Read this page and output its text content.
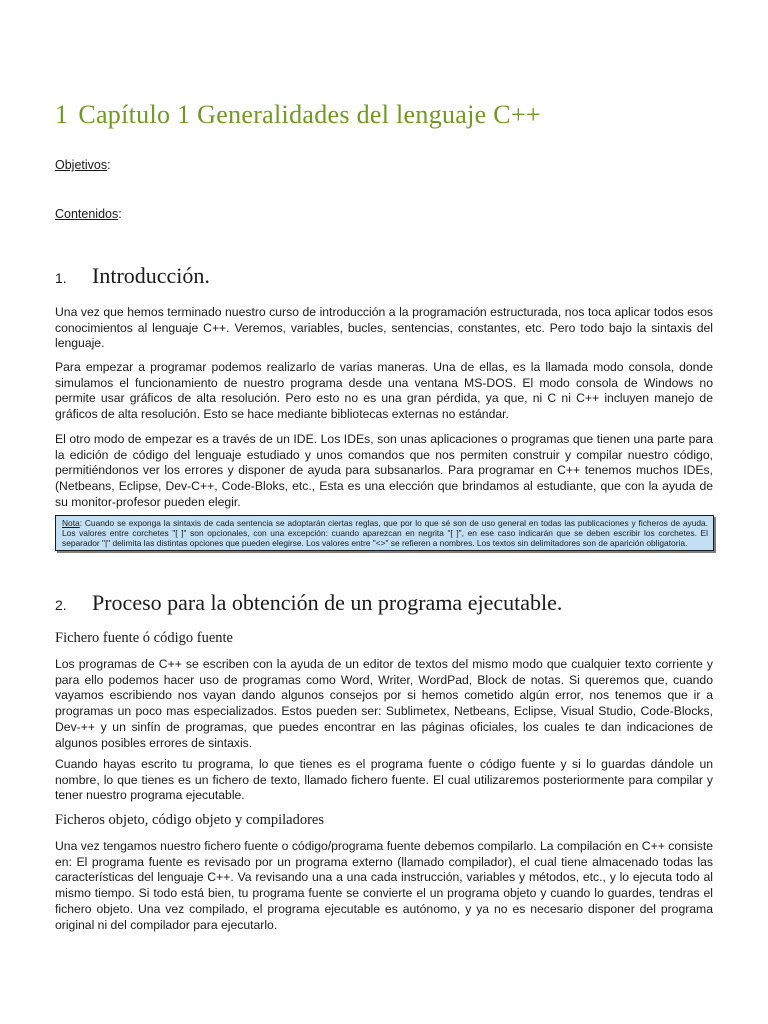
1 Capítulo 1 Generalidades del lenguaje C++

Objetivos:

Contenidos:

1. Introducción.

Una vez que hemos terminado nuestro curso de introducción a la programación estructurada, nos toca aplicar todos esos conocimientos al lenguaje C++. Veremos, variables, bucles, sentencias, constantes, etc. Pero todo bajo la sintaxis del lenguaje.

Para empezar a programar podemos realizarlo de varias maneras. Una de ellas, es la llamada modo consola, donde simulamos el funcionamiento de nuestro programa desde una ventana MS-DOS. El modo consola de Windows no permite usar gráficos de alta resolución. Pero esto no es una gran pérdida, ya que, ni C ni C++ incluyen manejo de gráficos de alta resolución. Esto se hace mediante bibliotecas externas no estándar.

El otro modo de empezar es a través de un IDE. Los IDEs, son unas aplicaciones o programas que tienen una parte para la edición de código del lenguaje estudiado y unos comandos que nos permiten construir y compilar nuestro código, permitiéndonos ver los errores y disponer de ayuda para subsanarlos. Para programar en C++ tenemos muchos IDEs, (Netbeans, Eclipse, Dev-C++, Code-Bloks, etc., Esta es una elección que brindamos al estudiante, que con la ayuda de su monitor-profesor pueden elegir.

Nota: Cuando se exponga la sintaxis de cada sentencia se adoptarán ciertas reglas, que por lo que sé son de uso general en todas las publicaciones y ficheros de ayuda. Los valores entre corchetes "[ ]" son opcionales, con una excepción: cuando aparezcan en negrita "[ ]", en ese caso indicarán que se deben escribir los corchetes. El separador "|" delimita las distintas opciones que pueden elegirse. Los valores entre "<>" se refieren a nombres. Los textos sin delimitadores son de aparición obligatoria.
2. Proceso para la obtención de un programa ejecutable.
Fichero fuente ó código fuente

Los programas de C++ se escriben con la ayuda de un editor de textos del mismo modo que cualquier texto corriente y para ello podemos hacer uso de programas como Word, Writer, WordPad, Block de notas. Si queremos que, cuando vayamos escribiendo nos vayan dando algunos consejos por si hemos cometido algún error, nos tenemos que ir a programas un poco mas especializados. Estos pueden ser: Sublimetex, Netbeans, Eclipse, Visual Studio, Code-Blocks, Dev-++ y un sinfín de programas, que puedes encontrar en las páginas oficiales, los cuales te dan indicaciones de algunos posibles errores de sintaxis.

Cuando hayas escrito tu programa, lo que tienes es el programa fuente o código fuente y si lo guardas dándole un nombre, lo que tienes es un fichero de texto, llamado fichero fuente. El cual utilizaremos posteriormente para compilar y tener nuestro programa ejecutable.

Ficheros objeto, código objeto y compiladores

Una vez tengamos nuestro fichero fuente o código/programa fuente debemos compilarlo. La compilación en C++ consiste en: El programa fuente es revisado por un programa externo (llamado compilador), el cual tiene almacenado todas las características del lenguaje C++. Va revisando una a una cada instrucción, variables y métodos, etc., y lo ejecuta todo al mismo tiempo. Si todo está bien, tu programa fuente se convierte el un programa objeto y cuando lo guardes, tendras el fichero objeto. Una vez compilado, el programa ejecutable es autónomo, y ya no es necesario disponer del programa original ni del compilador para ejecutarlo.
